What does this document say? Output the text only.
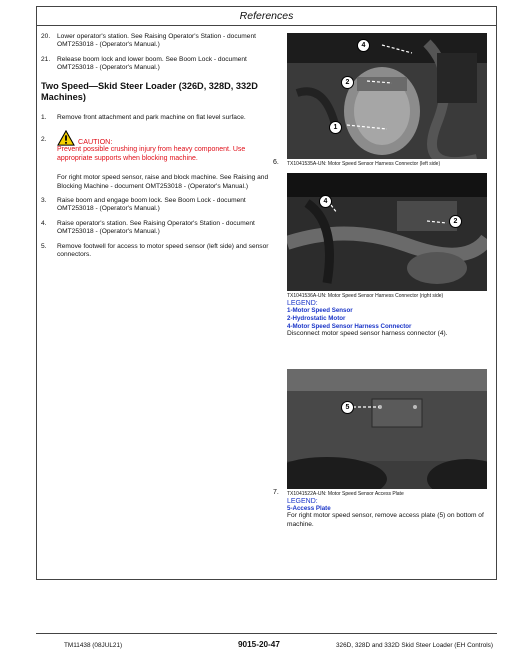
References
20.	Lower operator's station. See Raising Operator's Station - document OMT253018 - (Operator's Manual.)
21.	Release boom lock and lower boom. See Boom Lock - document OMT253018 - (Operator's Manual.)
Two Speed—Skid Steer Loader (326D, 328D, 332D Machines)
1.	Remove front attachment and park machine on flat level surface.
2.	CAUTION:
Prevent possible crushing injury from heavy component. Use appropriate supports when blocking machine.
For right motor speed sensor, raise and block machine. See Raising and Blocking Machine - document OMT253018 - (Operator's Manual.)
3.	Raise boom and engage boom lock. See Boom Lock - document OMT253018 - (Operator's Manual.)
4.	Raise operator's station. See Raising Operator's Station - document OMT253018 - (Operator's Manual.)
5.	Remove footwell for access to motor speed sensor (left side) and sensor connectors.
4
2
1
6.	TX1041535A-UN: Motor Speed Sensor Harness Connector (left side)
4
2
TX1041536A-UN: Motor Speed Sensor Harness Connector (right side)
LEGEND:
1-Motor Speed Sensor
2-Hydrostatic Motor
4-Motor Speed Sensor Harness Connector
Disconnect motor speed sensor harness connector (4).
5
7.	TX1041522A-UN: Motor Speed Sensor Access Plate
LEGEND:
5-Access Plate
For right motor speed sensor, remove access plate (5) on bottom of machine.
TM11438 (08JUL21)	9015-20-47	326D, 328D and 332D Skid Steer Loader (EH Controls)
